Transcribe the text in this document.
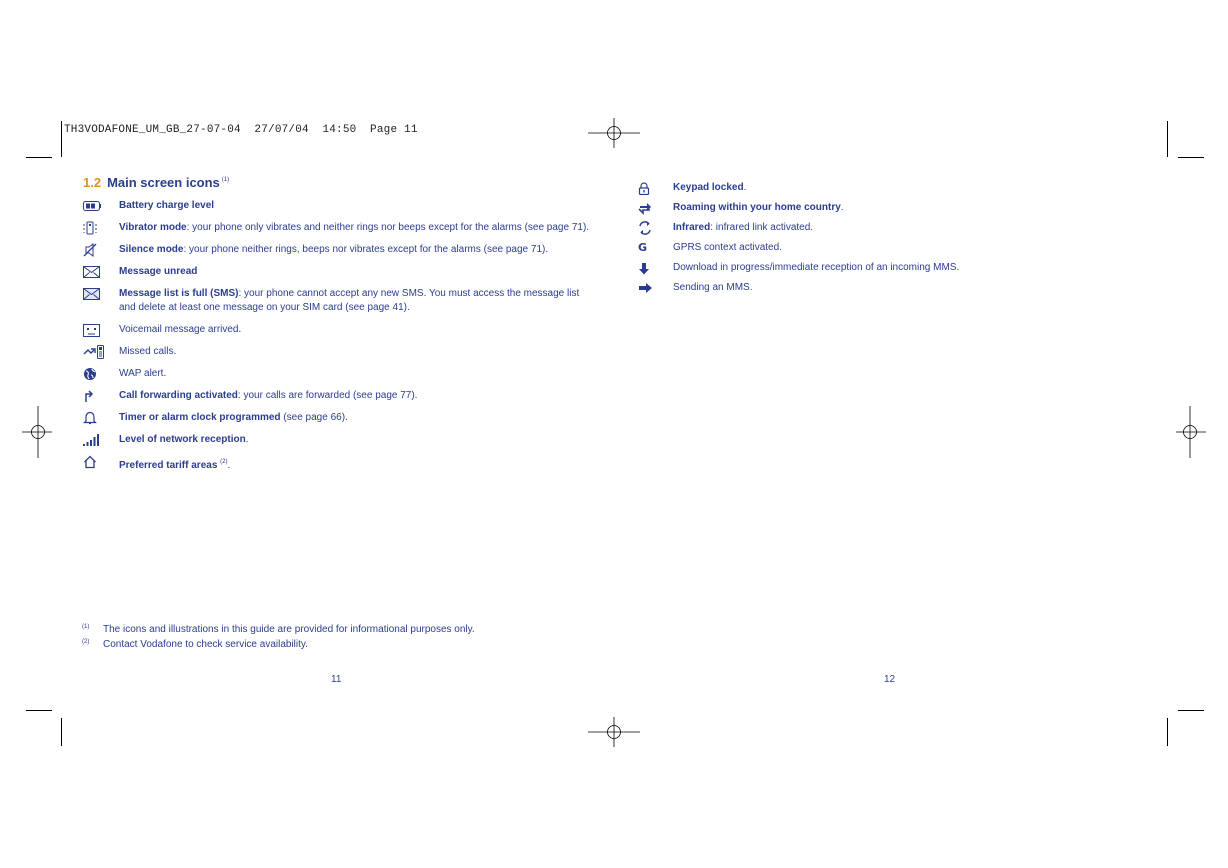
TH3VODAFONE_UM_GB_27-07-04  27/07/04  14:50  Page 11
1.2 Main screen icons $^{(1)}$
Battery charge level
Vibrator mode: your phone only vibrates and neither rings nor beeps except for the alarms (see page 71).
Silence mode: your phone neither rings, beeps nor vibrates except for the alarms (see page 71).
Message unread
Message list is full (SMS): your phone cannot accept any new SMS. You must access the message list and delete at least one message on your SIM card (see page 41).
Voicemail message arrived.
Missed calls.
WAP alert.
Call forwarding activated: your calls are forwarded (see page 77).
Timer or alarm clock programmed (see page 66).
Level of network reception.
Preferred tariff areas $^{(2)}$.
Keypad locked.
Roaming within your home country.
Infrared: infrared link activated.
G	GPRS context activated.
Download in progress/immediate reception of an incoming MMS.
Sending an MMS.
(1)	The icons and illustrations in this guide are provided for informational purposes only.
(2)	Contact Vodafone to check service availability.
11	12
